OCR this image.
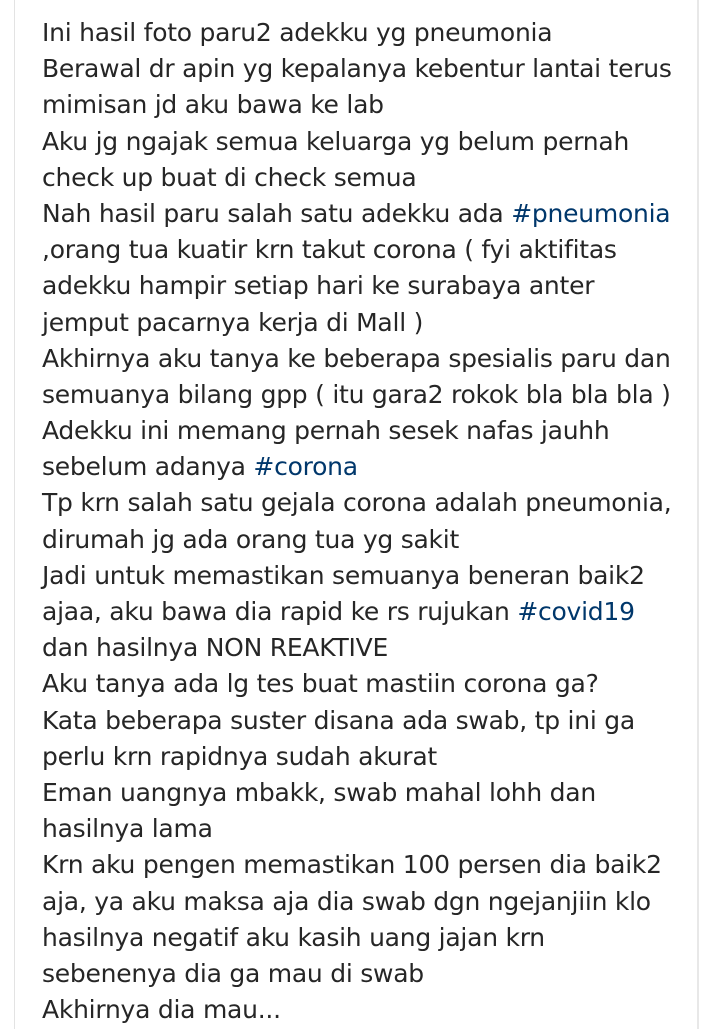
Ini hasil foto paru2 adekku yg pneumonia
Berawal dr apin yg kepalanya kebentur lantai terus
mimisan jd aku bawa ke lab
Aku jg ngajak semua keluarga yg belum pernah
check up buat di check semua
Nah hasil paru salah satu adekku ada #pneumonia
,orang tua kuatir krn takut corona ( fyi aktifitas
adekku hampir setiap hari ke surabaya anter
jemput pacarnya kerja di Mall )
Akhirnya aku tanya ke beberapa spesialis paru dan
semuanya bilang gpp ( itu gara2 rokok bla bla bla )
Adekku ini memang pernah sesek nafas jauhh
sebelum adanya #corona
Tp krn salah satu gejala corona adalah pneumonia,
dirumah jg ada orang tua yg sakit
Jadi untuk memastikan semuanya beneran baik2
ajaa, aku bawa dia rapid ke rs rujukan #covid19
dan hasilnya NON REAKTIVE
Aku tanya ada lg tes buat mastiin corona ga?
Kata beberapa suster disana ada swab, tp ini ga
perlu krn rapidnya sudah akurat
Eman uangnya mbakk, swab mahal lohh dan
hasilnya lama
Krn aku pengen memastikan 100 persen dia baik2
aja, ya aku maksa aja dia swab dgn ngejanjiin klo
hasilnya negatif aku kasih uang jajan krn
sebenenya dia ga mau di swab
Akhirnya dia mau...
